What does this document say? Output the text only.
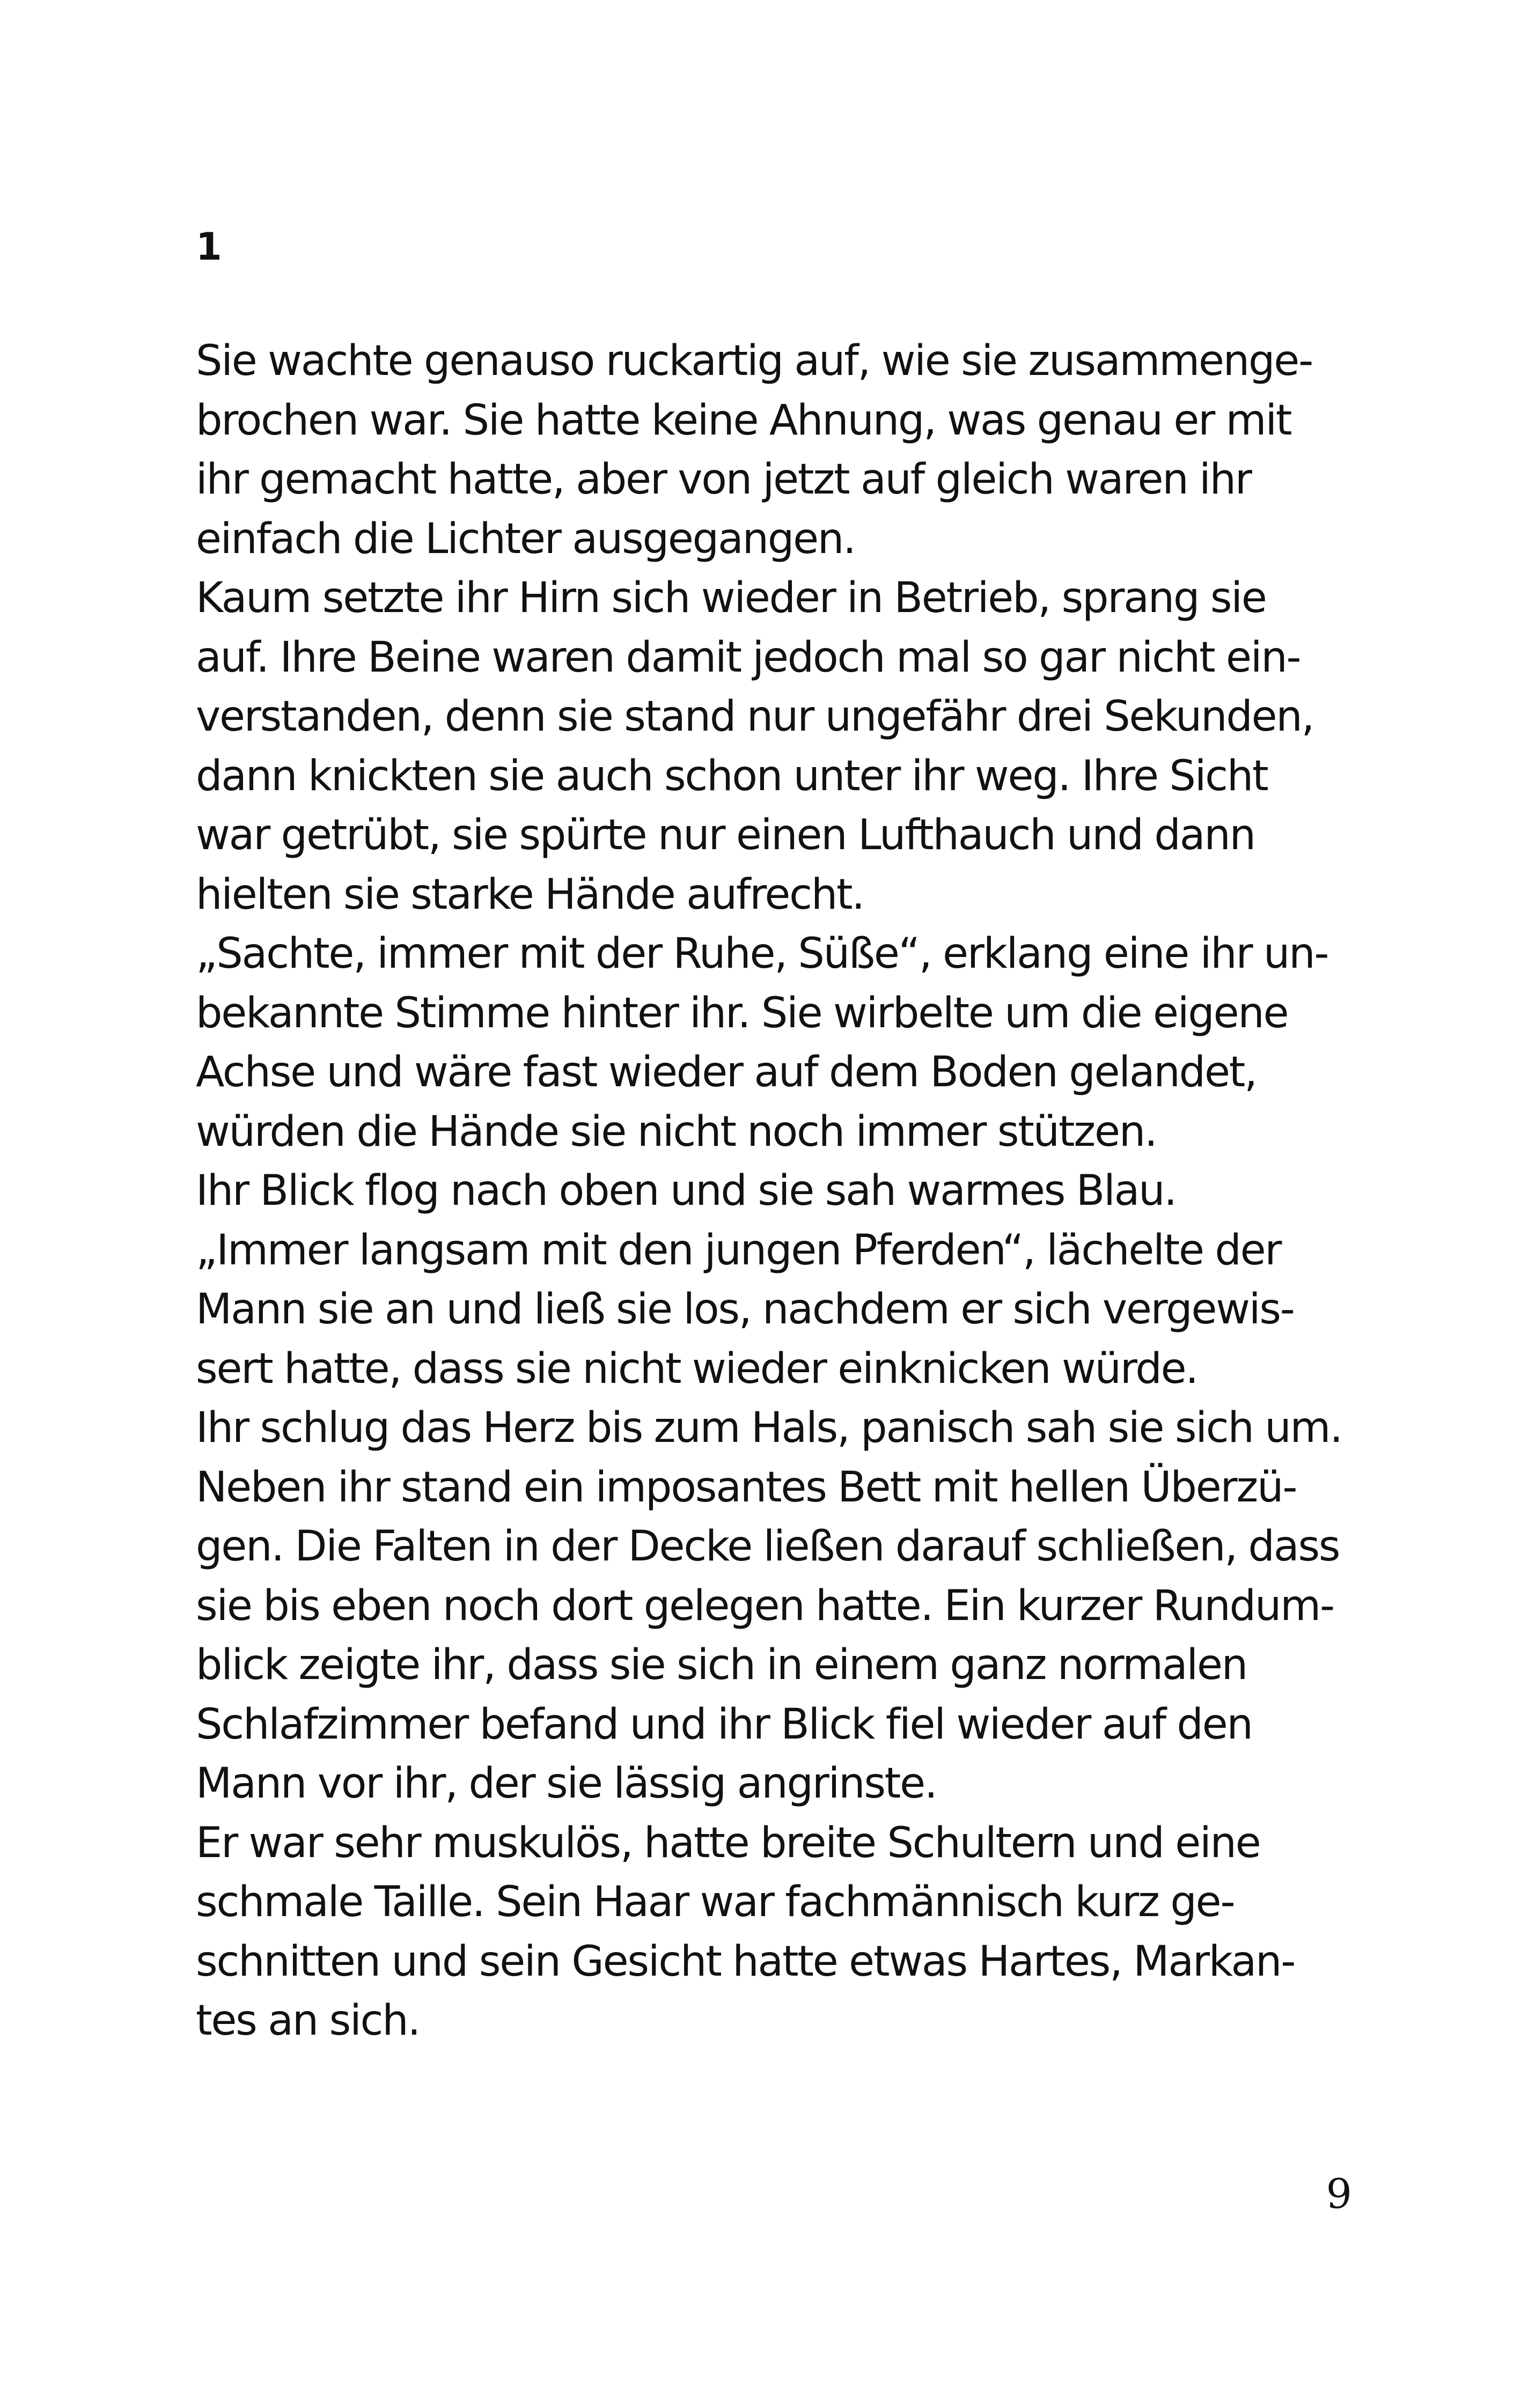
1
Sie wachte genauso ruckartig auf, wie sie zusammenge-
brochen war. Sie hatte keine Ahnung, was genau er mit
ihr gemacht hatte, aber von jetzt auf gleich waren ihr
einfach die Lichter ausgegangen.
Kaum setzte ihr Hirn sich wieder in Betrieb, sprang sie
auf. Ihre Beine waren damit jedoch mal so gar nicht ein-
verstanden, denn sie stand nur ungefähr drei Sekunden,
dann knickten sie auch schon unter ihr weg. Ihre Sicht
war getrübt, sie spürte nur einen Lufthauch und dann
hielten sie starke Hände aufrecht.
„Sachte, immer mit der Ruhe, Süße“, erklang eine ihr un-
bekannte Stimme hinter ihr. Sie wirbelte um die eigene
Achse und wäre fast wieder auf dem Boden gelandet,
würden die Hände sie nicht noch immer stützen.
Ihr Blick flog nach oben und sie sah warmes Blau.
„Immer langsam mit den jungen Pferden“, lächelte der
Mann sie an und ließ sie los, nachdem er sich vergewis-
sert hatte, dass sie nicht wieder einknicken würde.
Ihr schlug das Herz bis zum Hals, panisch sah sie sich um.
Neben ihr stand ein imposantes Bett mit hellen Überzü-
gen. Die Falten in der Decke ließen darauf schließen, dass
sie bis eben noch dort gelegen hatte. Ein kurzer Rundum-
blick zeigte ihr, dass sie sich in einem ganz normalen
Schlafzimmer befand und ihr Blick fiel wieder auf den
Mann vor ihr, der sie lässig angrinste.
Er war sehr muskulös, hatte breite Schultern und eine
schmale Taille. Sein Haar war fachmännisch kurz ge-
schnitten und sein Gesicht hatte etwas Hartes, Markan-
tes an sich.
9
